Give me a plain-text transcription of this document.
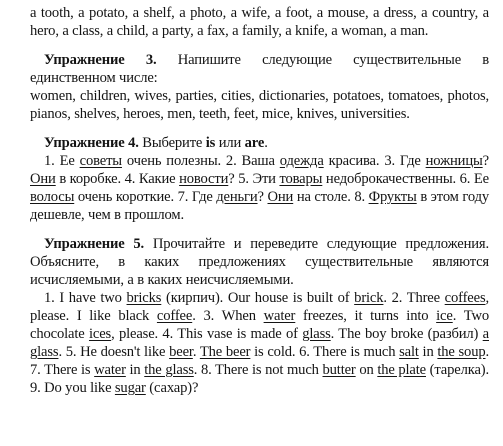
a tooth, a potato, a shelf, a photo, a wife, a foot, a mouse, a dress, a country, a hero, a class, a child, a party, a fax, a family, a knife, a woman, a man.

Упражнение 3. Напишите следующие существительные в единственном числе:

women, children, wives, parties, cities, dictionaries, potatoes, tomatoes, photos, pianos, shelves, heroes, men, teeth, feet, mice, knives, universities.

Упражнение 4. Выберите is или are.

1. Ее советы очень полезны. 2. Ваша одежда красива. 3. Где ножницы? Они в коробке. 4. Какие новости? 5. Эти товары недоброкачественны. 6. Ее волосы очень короткие. 7. Где деньги? Они на столе. 8. Фрукты в этом году дешевле, чем в прошлом.

Упражнение 5. Прочитайте и переведите следующие предложения. Объясните, в каких предложениях существительные являются исчисляемыми, а в каких неисчисляемыми.

1. I have two bricks (кирпич). Our house is built of brick. 2. Three coffees, please. I like black coffee. 3. When water freezes, it turns into ice. Two chocolate ices, please. 4. This vase is made of glass. The boy broke (разбил) a glass. 5. He doesn't like beer. The beer is cold. 6. There is much salt in the soup. 7. There is water in the glass. 8. There is not much butter on the plate (тарелка). 9. Do you like sugar (сахар)?
